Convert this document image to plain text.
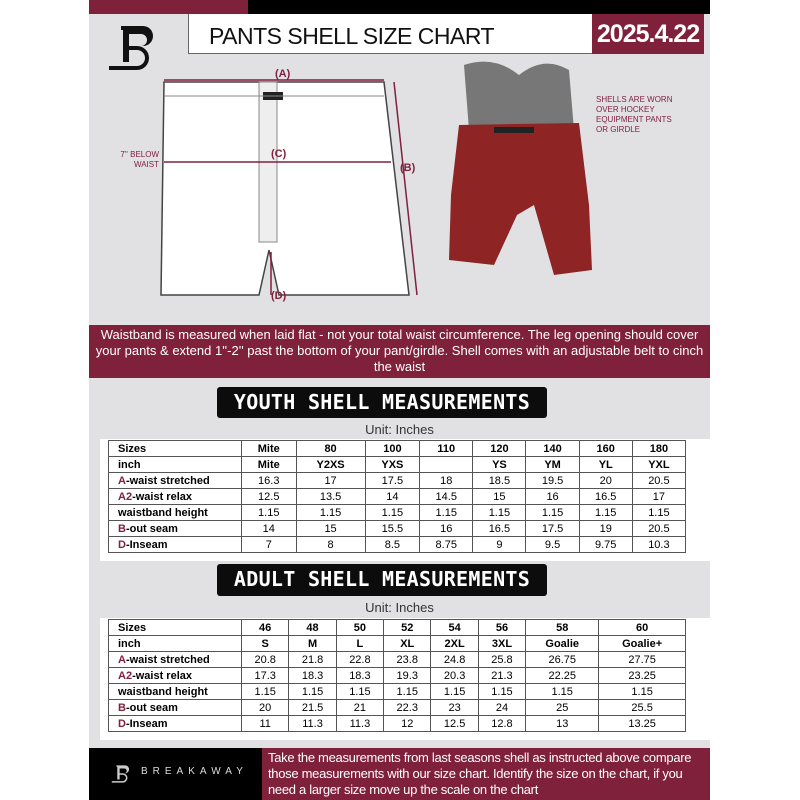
PANTS SHELL SIZE CHART	2025.4.22
(A)
(C)
(B)
(D)
7'' BELOW WAIST
SHELLS ARE WORN OVER HOCKEY EQUIPMENT PANTS OR GIRDLE
Waistband is measured when laid flat - not your total waist circumference. The leg opening should cover your pants & extend 1''-2'' past the bottom of your pant/girdle. Shell comes with an adjustable belt to cinch the waist
YOUTH SHELL MEASUREMENTS
Unit: Inches
Sizes	Mite	80	100	110	120	140	160	180
inch	Mite	Y2XS	YXS		YS	YM	YL	YXL
A-waist stretched	16.3	17	17.5	18	18.5	19.5	20	20.5
A2-waist relax	12.5	13.5	14	14.5	15	16	16.5	17
waistband height	1.15	1.15	1.15	1.15	1.15	1.15	1.15	1.15
B-out seam	14	15	15.5	16	16.5	17.5	19	20.5
D-Inseam	7	8	8.5	8.75	9	9.5	9.75	10.3
ADULT SHELL MEASUREMENTS
Unit: Inches
Sizes	46	48	50	52	54	56	58	60
inch	S	M	L	XL	2XL	3XL	Goalie	Goalie+
A-waist stretched	20.8	21.8	22.8	23.8	24.8	25.8	26.75	27.75
A2-waist relax	17.3	18.3	18.3	19.3	20.3	21.3	22.25	23.25
waistband height	1.15	1.15	1.15	1.15	1.15	1.15	1.15	1.15
B-out seam	20	21.5	21	22.3	23	24	25	25.5
D-Inseam	11	11.3	11.3	12	12.5	12.8	13	13.25
BREAKAWAY
Take the measurements from last seasons shell as instructed above compare those measurements with our size chart. Identify the size on the chart, if you need a larger size move up the scale on the chart
